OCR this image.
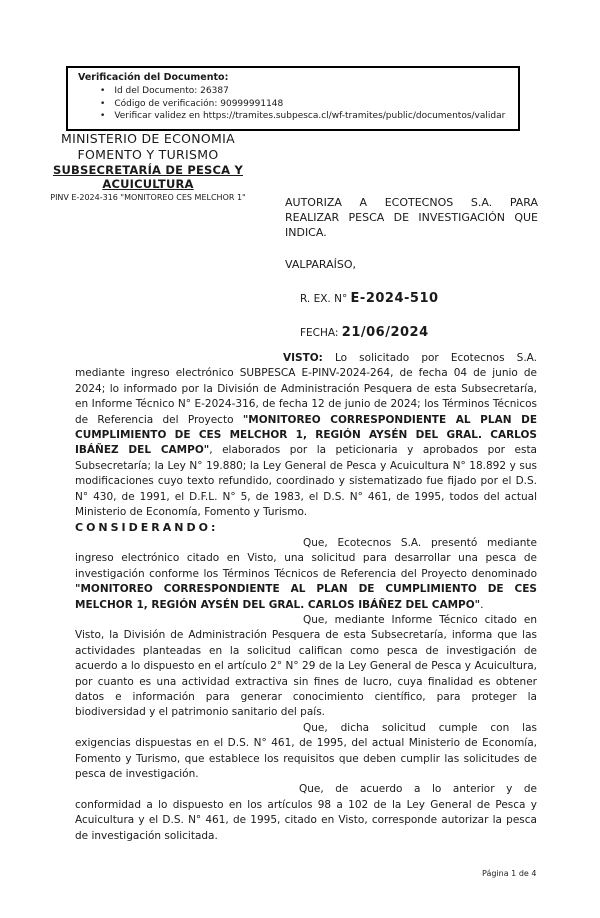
Verificación del Documento:
• Id del Documento: 26387
• Código de verificación: 90999991148
• Verificar validez en https://tramites.subpesca.cl/wf-tramites/public/documentos/validar
MINISTERIO DE ECONOMIA
FOMENTO Y TURISMO
SUBSECRETARÍA DE PESCA Y
ACUICULTURA
PINV E-2024-316 "MONITOREO CES MELCHOR 1"	AUTORIZA A ECOTECNOS S.A. PARA REALIZAR PESCA DE INVESTIGACIÓN QUE INDICA.
VALPARAÍSO,
R. EX. N° E-2024-510
FECHA: 21/06/2024

VISTO: Lo solicitado por Ecotecnos S.A. mediante ingreso electrónico SUBPESCA E-PINV-2024-264, de fecha 04 de junio de 2024; lo informado por la División de Administración Pesquera de esta Subsecretaría, en Informe Técnico N° E-2024-316, de fecha 12 de junio de 2024; los Términos Técnicos de Referencia del Proyecto "MONITOREO CORRESPONDIENTE AL PLAN DE CUMPLIMIENTO DE CES MELCHOR 1, REGIÓN AYSÉN DEL GRAL. CARLOS IBÁÑEZ DEL CAMPO", elaborados por la peticionaria y aprobados por esta Subsecretaría; la Ley N° 19.880; la Ley General de Pesca y Acuicultura N° 18.892 y sus modificaciones cuyo texto refundido, coordinado y sistematizado fue fijado por el D.S. N° 430, de 1991, el D.F.L. N° 5, de 1983, el D.S. N° 461, de 1995, todos del actual Ministerio de Economía, Fomento y Turismo.

CONSIDERANDO:

Que, Ecotecnos S.A. presentó mediante ingreso electrónico citado en Visto, una solicitud para desarrollar una pesca de investigación conforme los Términos Técnicos de Referencia del Proyecto denominado "MONITOREO CORRESPONDIENTE AL PLAN DE CUMPLIMIENTO DE CES MELCHOR 1, REGIÓN AYSÉN DEL GRAL. CARLOS IBÁÑEZ DEL CAMPO".

Que, mediante Informe Técnico citado en Visto, la División de Administración Pesquera de esta Subsecretaría, informa que las actividades planteadas en la solicitud califican como pesca de investigación de acuerdo a lo dispuesto en el artículo 2° N° 29 de la Ley General de Pesca y Acuicultura, por cuanto es una actividad extractiva sin fines de lucro, cuya finalidad es obtener datos e información para generar conocimiento científico, para proteger la biodiversidad y el patrimonio sanitario del país.

Que, dicha solicitud cumple con las exigencias dispuestas en el D.S. N° 461, de 1995, del actual Ministerio de Economía, Fomento y Turismo, que establece los requisitos que deben cumplir las solicitudes de pesca de investigación.

Que, de acuerdo a lo anterior y de conformidad a lo dispuesto en los artículos 98 a 102 de la Ley General de Pesca y Acuicultura y el D.S. N° 461, de 1995, citado en Visto, corresponde autorizar la pesca de investigación solicitada.

Página 1 de 4
